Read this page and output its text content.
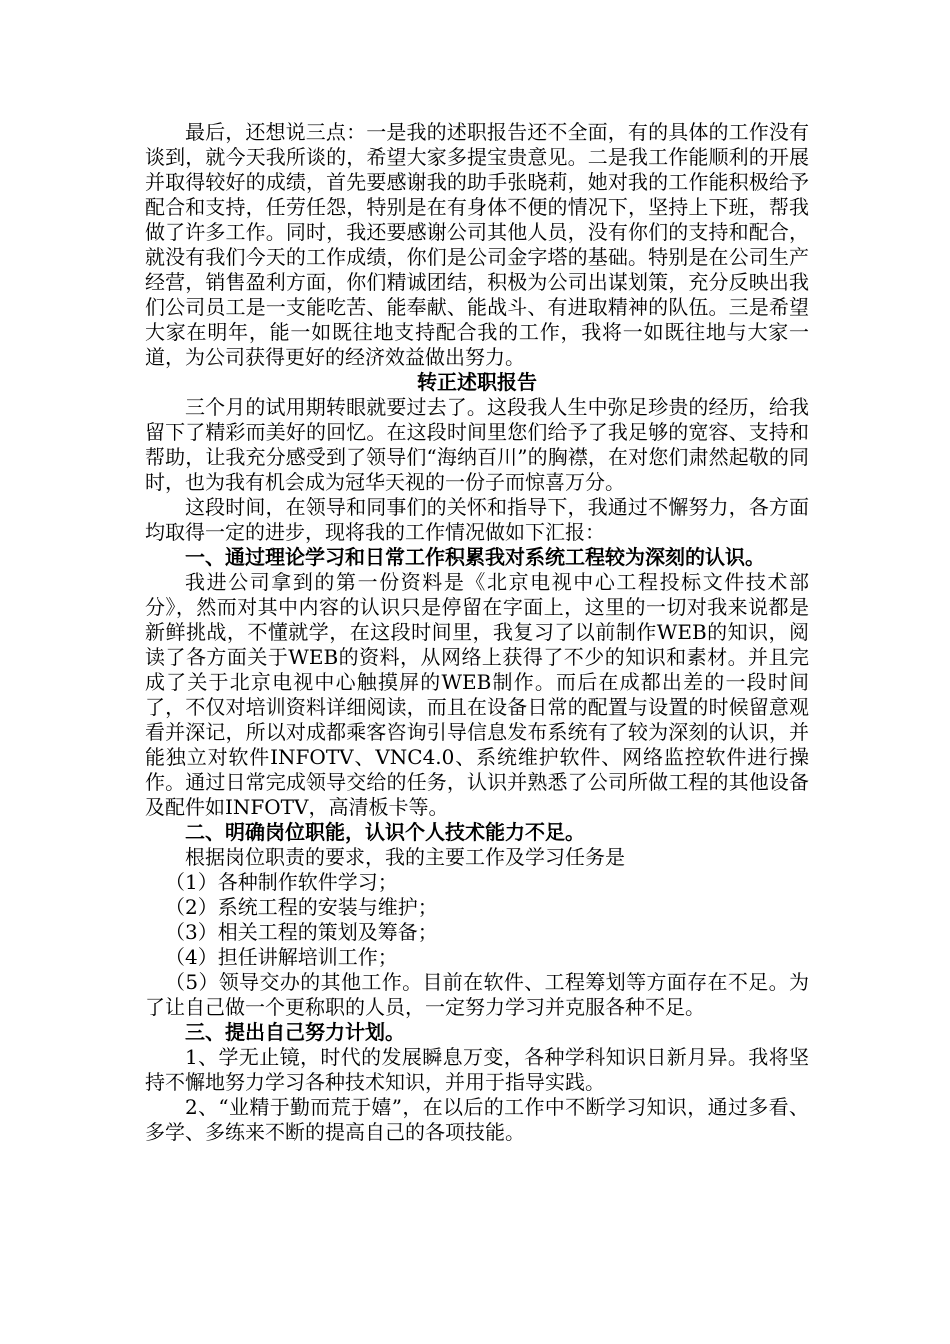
最后，还想说三点：一是我的述职报告还不全面，有的具体的工作没有谈到，就今天我所谈的，希望大家多提宝贵意见。二是我工作能顺利的开展并取得较好的成绩，首先要感谢我的助手张晓莉，她对我的工作能积极给予配合和支持，任劳任怨，特别是在有身体不便的情况下，坚持上下班，帮我做了许多工作。同时，我还要感谢公司其他人员，没有你们的支持和配合，就没有我们今天的工作成绩，你们是公司金字塔的基础。特别是在公司生产经营，销售盈利方面，你们精诚团结，积极为公司出谋划策，充分反映出我们公司员工是一支能吃苦、能奉献、能战斗、有进取精神的队伍。三是希望大家在明年，能一如既往地支持配合我的工作，我将一如既往地与大家一道，为公司获得更好的经济效益做出努力。

转正述职报告

三个月的试用期转眼就要过去了。这段我人生中弥足珍贵的经历，给我留下了精彩而美好的回忆。在这段时间里您们给予了我足够的宽容、支持和帮助，让我充分感受到了领导们“海纳百川”的胸襟，在对您们肃然起敬的同时，也为我有机会成为冠华天视的一份子而惊喜万分。

这段时间，在领导和同事们的关怀和指导下，我通过不懈努力，各方面均取得一定的进步，现将我的工作情况做如下汇报：

一、通过理论学习和日常工作积累我对系统工程较为深刻的认识。

我进公司拿到的第一份资料是《北京电视中心工程投标文件技术部分》，然而对其中内容的认识只是停留在字面上，这里的一切对我来说都是新鲜挑战，不懂就学，在这段时间里，我复习了以前制作WEB的知识，阅读了各方面关于WEB的资料，从网络上获得了不少的知识和素材。并且完成了关于北京电视中心触摸屏的WEB制作。而后在成都出差的一段时间了，不仅对培训资料详细阅读，而且在设备日常的配置与设置的时候留意观看并深记，所以对成都乘客咨询引导信息发布系统有了较为深刻的认识，并能独立对软件INFOTV、VNC4.0、系统维护软件、网络监控软件进行操作。通过日常完成领导交给的任务，认识并熟悉了公司所做工程的其他设备及配件如INFOTV，高清板卡等。

二、明确岗位职能，认识个人技术能力不足。

根据岗位职责的要求，我的主要工作及学习任务是

（1）各种制作软件学习；

（2）系统工程的安装与维护；

（3）相关工程的策划及筹备；

（4）担任讲解培训工作；

（5）领导交办的其他工作。目前在软件、工程筹划等方面存在不足。为了让自己做一个更称职的人员，一定努力学习并克服各种不足。

三、提出自己努力计划。

1、学无止镜，时代的发展瞬息万变，各种学科知识日新月异。我将坚持不懈地努力学习各种技术知识，并用于指导实践。

2、“业精于勤而荒于嬉”，在以后的工作中不断学习知识，通过多看、多学、多练来不断的提高自己的各项技能。
